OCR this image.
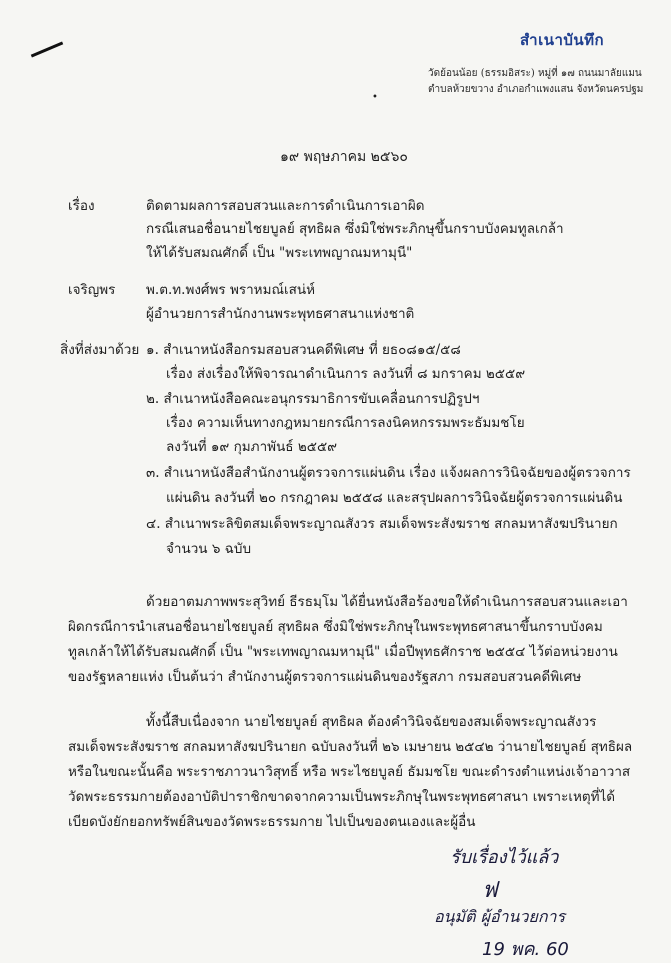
สำเนาบันทึก
วัดย้อนน้อย (ธรรมอิสระ) หมู่ที่ ๑๗ ถนนมาลัยแมน
•
ตำบลห้วยขวาง อำเภอกำแพงแสน จังหวัดนครปฐม
๑๙ พฤษภาคม ๒๕๖๐
เรื่อง	ติดตามผลการสอบสวนและการดำเนินการเอาผิด
กรณีเสนอชื่อนายไชยบูลย์ สุทธิผล ซึ่งมิใช่พระภิกษุขึ้นกราบบังคมทูลเกล้า
ให้ได้รับสมณศักดิ์ เป็น "พระเทพญาณมหามุนี"
เจริญพร พ.ต.ท.พงศ์พร พราหมณ์เสน่ห์
ผู้อำนวยการสำนักงานพระพุทธศาสนาแห่งชาติ
สิ่งที่ส่งมาด้วย ๑. สำเนาหนังสือกรมสอบสวนคดีพิเศษ ที่ ยธ๐๘๑๕/๕๘
เรื่อง ส่งเรื่องให้พิจารณาดำเนินการ ลงวันที่ ๘ มกราคม ๒๕๕๙
๒. สำเนาหนังสือคณะอนุกรรมาธิการขับเคลื่อนการปฏิรูปฯ
เรื่อง ความเห็นทางกฎหมายกรณีการลงนิคหกรรมพระธัมมชโย
ลงวันที่ ๑๙ กุมภาพันธ์ ๒๕๕๙
๓. สำเนาหนังสือสำนักงานผู้ตรวจการแผ่นดิน เรื่อง แจ้งผลการวินิจฉัยของผู้ตรวจการ
แผ่นดิน ลงวันที่ ๒๐ กรกฎาคม ๒๕๕๘ และสรุปผลการวินิจฉัยผู้ตรวจการแผ่นดิน
๔. สำเนาพระลิขิตสมเด็จพระญาณสังวร สมเด็จพระสังฆราช สกลมหาสังฆปรินายก
จำนวน ๖ ฉบับ
ด้วยอาตมภาพพระสุวิทย์ ธีรธมฺโม ได้ยื่นหนังสือร้องขอให้ดำเนินการสอบสวนและเอา
ผิดกรณีการนำเสนอชื่อนายไชยบูลย์ สุทธิผล ซึ่งมิใช่พระภิกษุในพระพุทธศาสนาขึ้นกราบบังคม
ทูลเกล้าให้ได้รับสมณศักดิ์ เป็น "พระเทพญาณมหามุนี" เมื่อปีพุทธศักราช ๒๕๕๔ ไว้ต่อหน่วยงาน
ของรัฐหลายแห่ง เป็นต้นว่า สำนักงานผู้ตรวจการแผ่นดินของรัฐสภา กรมสอบสวนคดีพิเศษ
ทั้งนี้สืบเนื่องจาก นายไชยบูลย์ สุทธิผล ต้องคำวินิจฉัยของสมเด็จพระญาณสังวร
สมเด็จพระสังฆราช สกลมหาสังฆปรินายก ฉบับลงวันที่ ๒๖ เมษายน ๒๕๔๒ ว่านายไชยบูลย์ สุทธิผล
หรือในขณะนั้นคือ พระราชภาวนาวิสุทธิ์ หรือ พระไชยบูลย์ ธัมมชโย ขณะดำรงตำแหน่งเจ้าอาวาส
วัดพระธรรมกายต้องอาบัติปาราชิกขาดจากความเป็นพระภิกษุในพระพุทธศาสนา เพราะเหตุที่ได้
เบียดบังยักยอกทรัพย์สินของวัดพระธรรมกาย ไปเป็นของตนเองและผู้อื่น
รับเรื่องไว้แล้ว
ฟ
อนุมัติ ผู้อำนวยการ
19 พค. 60
